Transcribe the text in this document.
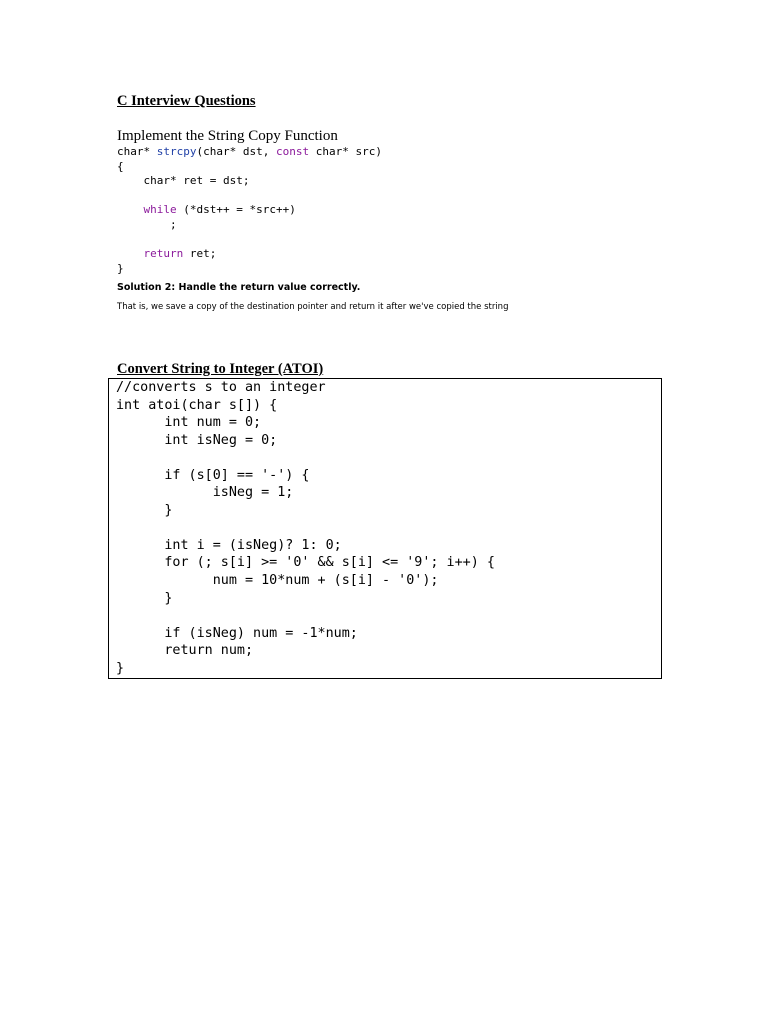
C Interview Questions
Implement the String Copy Function
char* strcpy(char* dst, const char* src)
{
char* ret = dst;
while (*dst++ = *src++)
;
return ret;
}
Solution 2: Handle the return value correctly.
That is, we save a copy of the destination pointer and return it after we've copied the string
Convert String to Integer (ATOI)
//converts s to an integer
int atoi(char s[]) {
int num = 0;
int isNeg = 0;
if (s[0] == '-') {
isNeg = 1;
}
int i = (isNeg)? 1: 0;
for (; s[i] >= '0' && s[i] <= '9'; i++) {
num = 10*num + (s[i] - '0');
}
if (isNeg) num = -1*num;
return num;
}
